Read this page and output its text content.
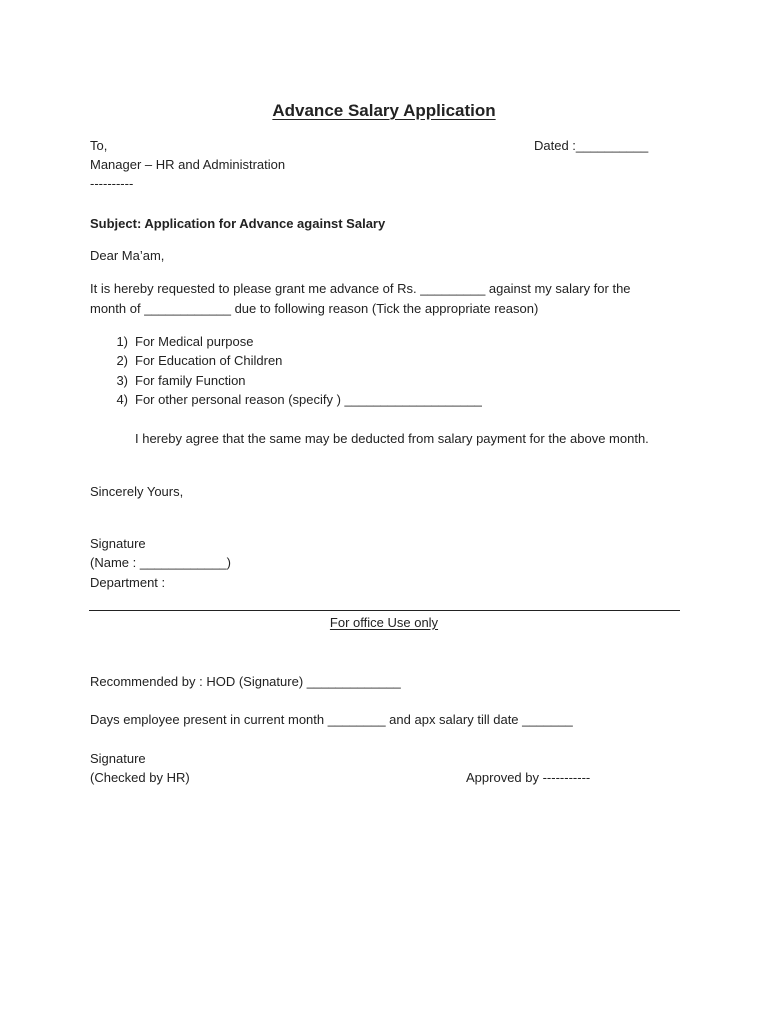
Advance Salary Application
To,	Dated :__________
Manager – HR and Administration
----------
Subject: Application for Advance against Salary
Dear Ma’am,
It is hereby requested to please grant me advance of Rs. _________ against my salary for the
month of ____________ due to following reason (Tick the appropriate reason)
1) For Medical purpose
2) For Education of Children
3) For family Function
4) For other personal reason (specify ) ___________________
I hereby agree that the same may be deducted from salary payment for the above month.
Sincerely Yours,
Signature
(Name : ____________)
Department :
For office Use only
Recommended by : HOD (Signature) _____________
Days employee present in current month ________ and apx salary till date _______
Signature
(Checked by HR)	Approved by -----------
